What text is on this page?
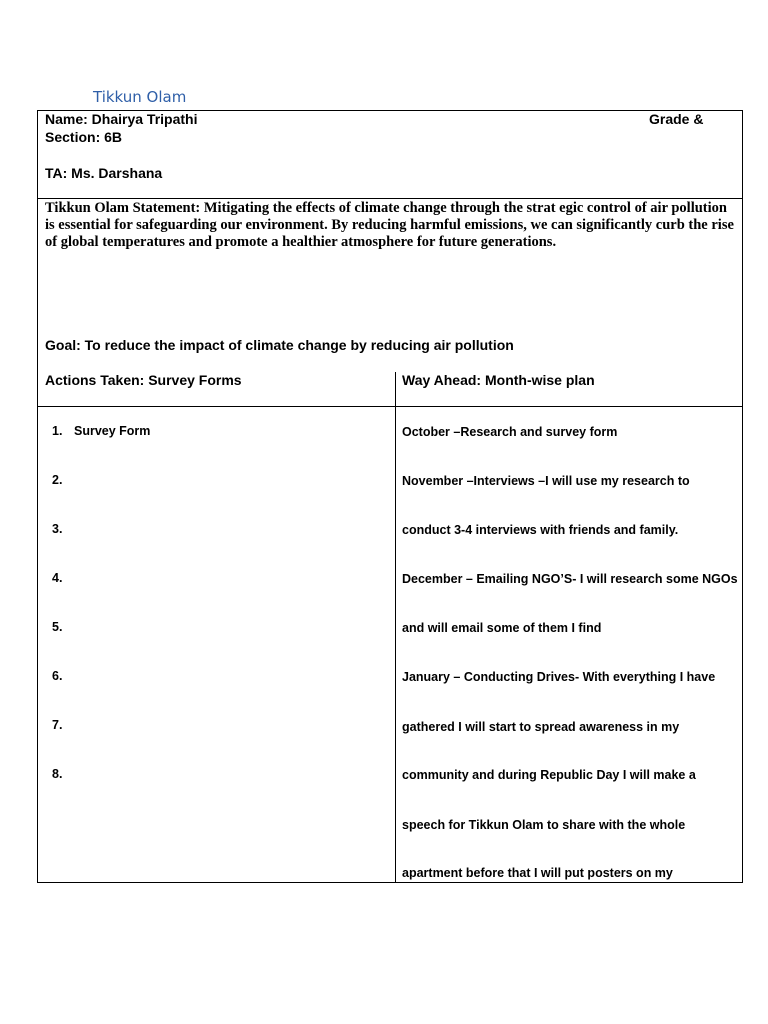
Tikkun Olam
Name: Dhairya Tripathi	Grade &
Section: 6B
TA: Ms. Darshana
Tikkun Olam Statement: Mitigating the effects of climate change through the strat egic control of air pollution is essential for safeguarding our environment. By reducing harmful emissions, we can significantly curb the rise of global temperatures and promote a healthier atmosphere for future generations.
Goal: To reduce the impact of climate change by reducing air pollution
Actions Taken: Survey Forms	Way Ahead: Month-wise plan
1. Survey Form
2.
3.
4.
5.
6.
7.
8.
October –Research and survey form
November –Interviews –I will use my research to
conduct 3-4 interviews with friends and family.
December – Emailing NGO’S- I will research some NGOs
and will email some of them I find
January – Conducting Drives- With everything I have
gathered I will start to spread awareness in my
community and during Republic Day I will make a
speech for Tikkun Olam to share with the whole
apartment before that I will put posters on my
